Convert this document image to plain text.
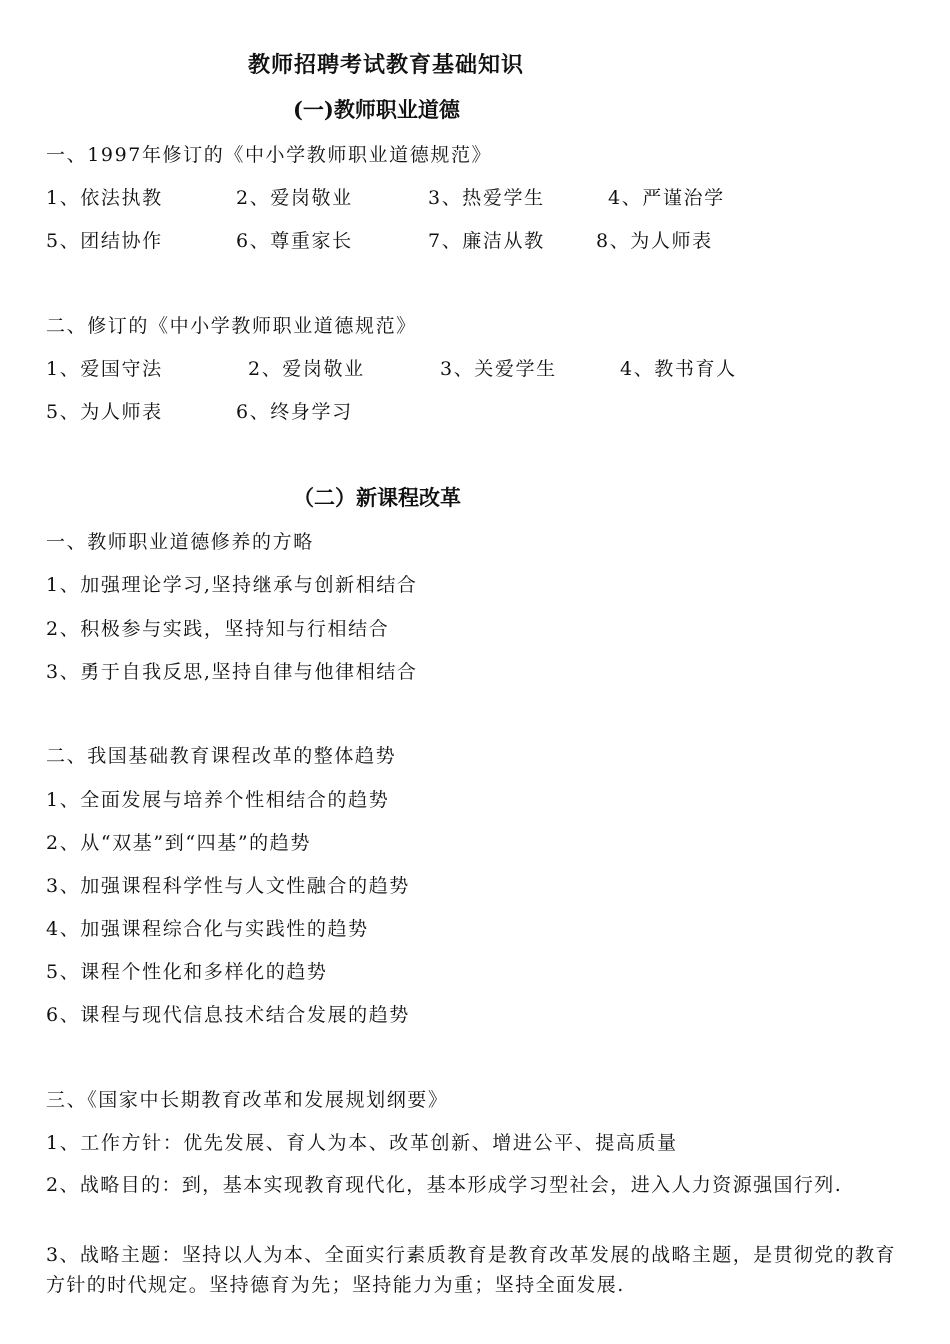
教师招聘考试教育基础知识
(一)教师职业道德
一、1997年修订的《中小学教师职业道德规范》
1、依法执教	2、爱岗敬业	3、热爱学生	4、严谨治学
5、团结协作	6、尊重家长	7、廉洁从教	8、为人师表
二、修订的《中小学教师职业道德规范》
1、爱国守法	2、爱岗敬业	3、关爱学生	4、教书育人
5、为人师表	6、终身学习
（二）新课程改革
一、教师职业道德修养的方略
1、加强理论学习,坚持继承与创新相结合
2、积极参与实践，坚持知与行相结合
3、勇于自我反思,坚持自律与他律相结合
二、我国基础教育课程改革的整体趋势
1、全面发展与培养个性相结合的趋势
2、从“双基”到“四基”的趋势
3、加强课程科学性与人文性融合的趋势
4、加强课程综合化与实践性的趋势
5、课程个性化和多样化的趋势
6、课程与现代信息技术结合发展的趋势
三、《国家中长期教育改革和发展规划纲要》
1、工作方针：优先发展、育人为本、改革创新、增进公平、提高质量
2、战略目的：到，基本实现教育现代化，基本形成学习型社会，进入人力资源强国行列.
3、战略主题：坚持以人为本、全面实行素质教育是教育改革发展的战略主题，是贯彻党的教育方针的时代规定。坚持德育为先；坚持能力为重；坚持全面发展.
